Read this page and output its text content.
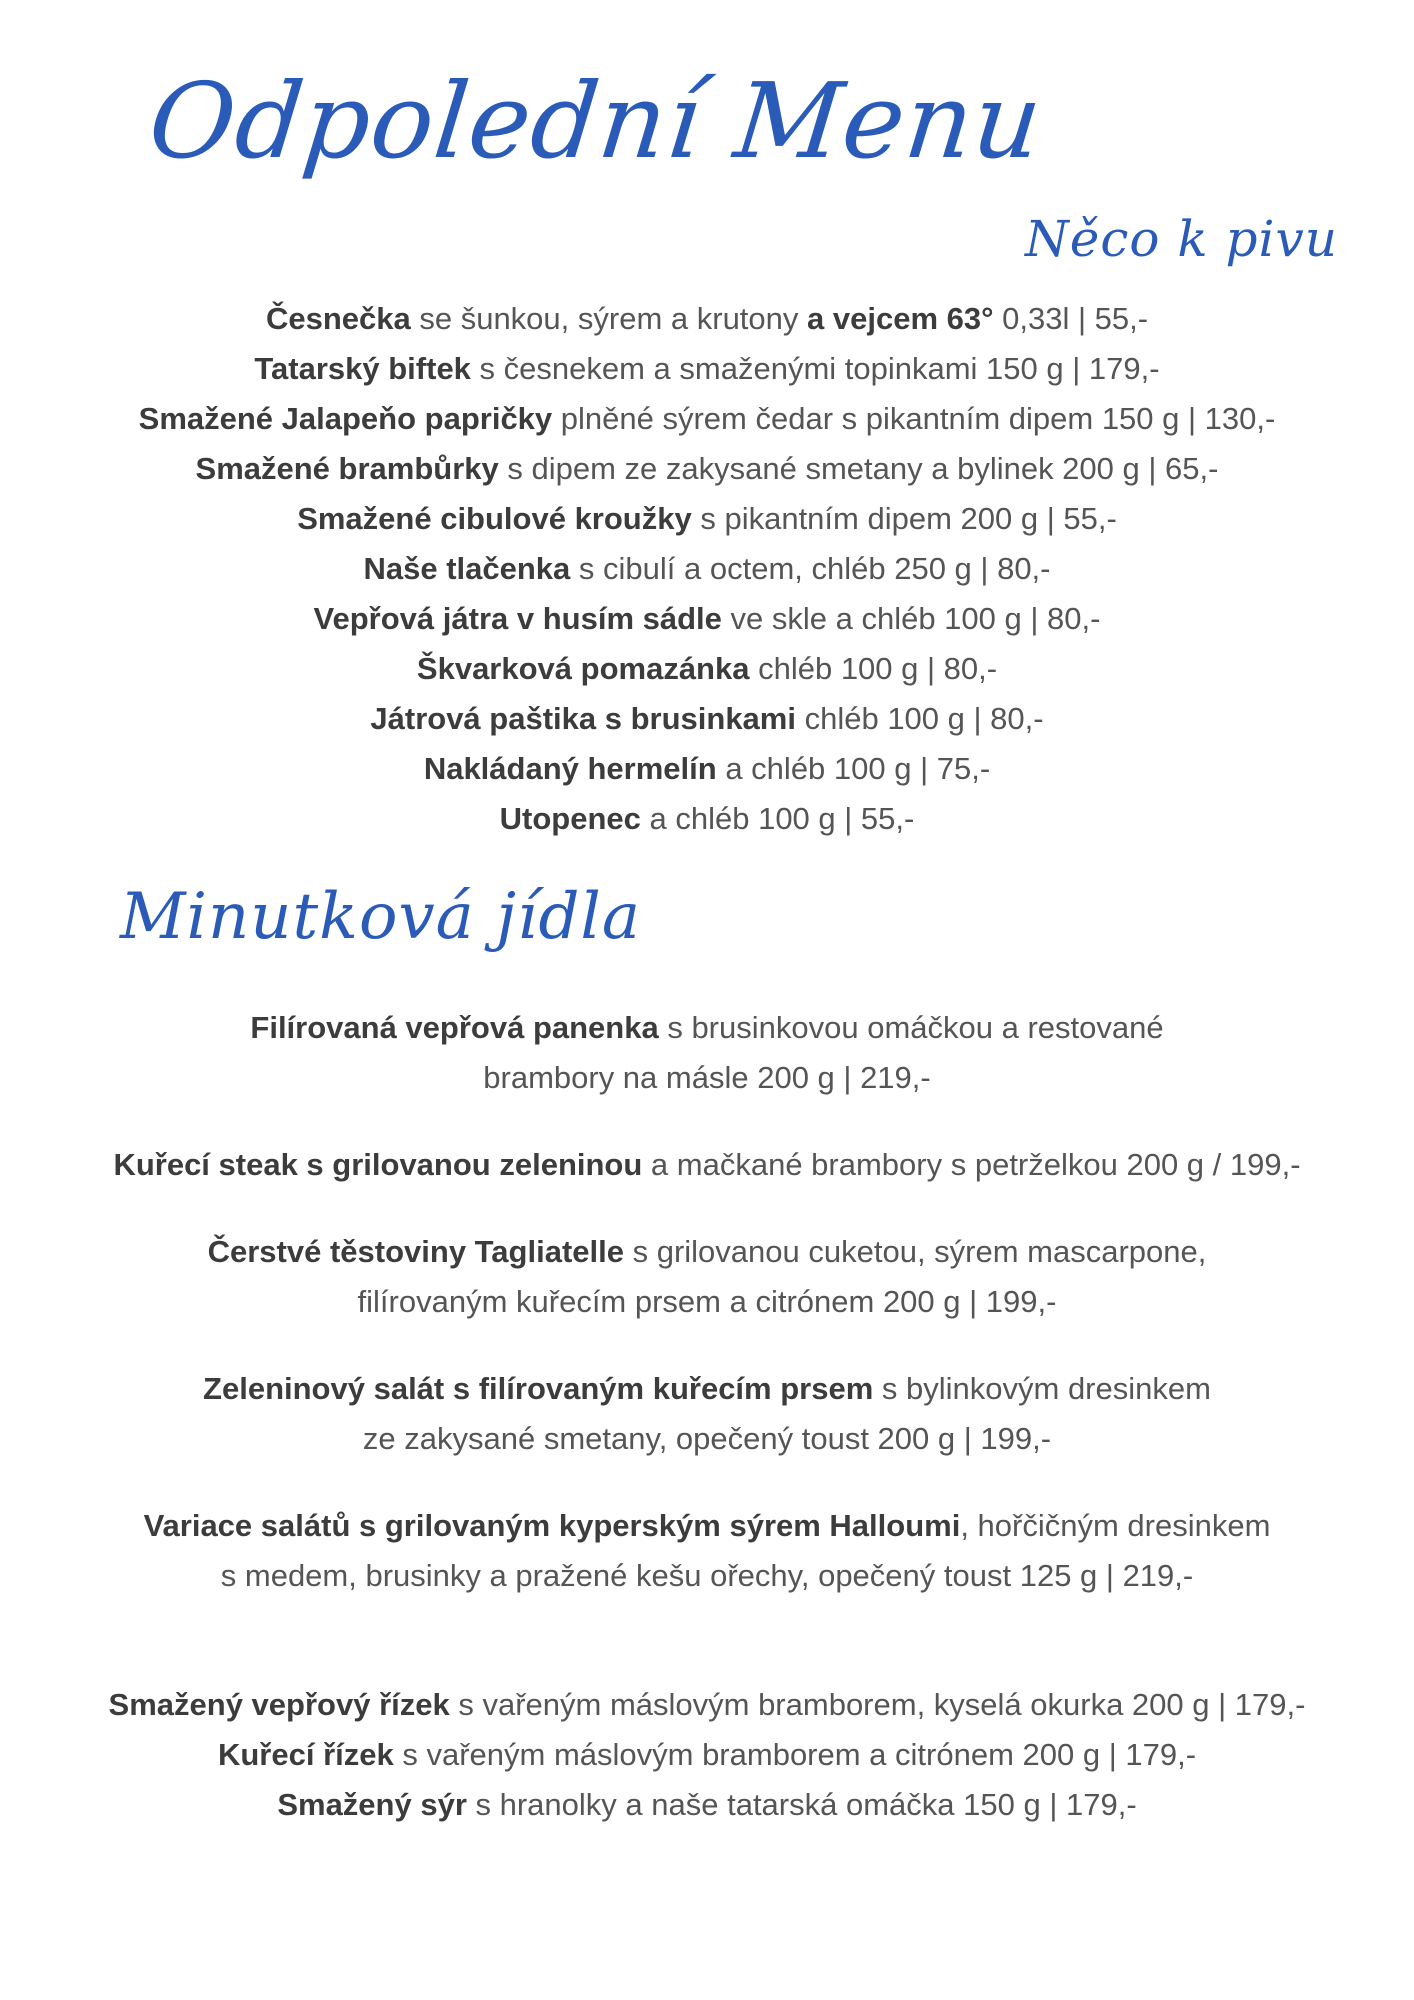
Odpolední Menu
Něco k pivu
Minutková jídla
Česnečka se šunkou, sýrem a krutony a vejcem 63° 0,33l | 55,-
Tatarský biftek s česnekem a smaženými topinkami 150 g | 179,-
Smažené Jalapeňo papričky plněné sýrem čedar s pikantním dipem 150 g | 130,-
Smažené brambůrky s dipem ze zakysané smetany a bylinek 200 g | 65,-
Smažené cibulové kroužky s pikantním dipem 200 g | 55,-
Naše tlačenka s cibulí a octem, chléb 250 g | 80,-
Vepřová játra v husím sádle ve skle a chléb 100 g | 80,-
Škvarková pomazánka chléb 100 g | 80,-
Játrová paštika s brusinkami chléb 100 g | 80,-
Nakládaný hermelín a chléb 100 g | 75,-
Utopenec a chléb 100 g | 55,-
Filírovaná vepřová panenka s brusinkovou omáčkou a restované
brambory na másle 200 g | 219,-
Kuřecí steak s grilovanou zeleninou a mačkané brambory s petrželkou 200 g / 199,-
Čerstvé těstoviny Tagliatelle s grilovanou cuketou, sýrem mascarpone,
filírovaným kuřecím prsem a citrónem 200 g | 199,-
Zeleninový salát s filírovaným kuřecím prsem s bylinkovým dresinkem
ze zakysané smetany, opečený toust 200 g | 199,-
Variace salátů s grilovaným kyperským sýrem Halloumi, hořčičným dresinkem
s medem, brusinky a pražené kešu ořechy, opečený toust 125 g | 219,-
Smažený vepřový řízek s vařeným máslovým bramborem, kyselá okurka 200 g | 179,-
Kuřecí řízek s vařeným máslovým bramborem a citrónem 200 g | 179,-
Smažený sýr s hranolky a naše tatarská omáčka 150 g | 179,-
